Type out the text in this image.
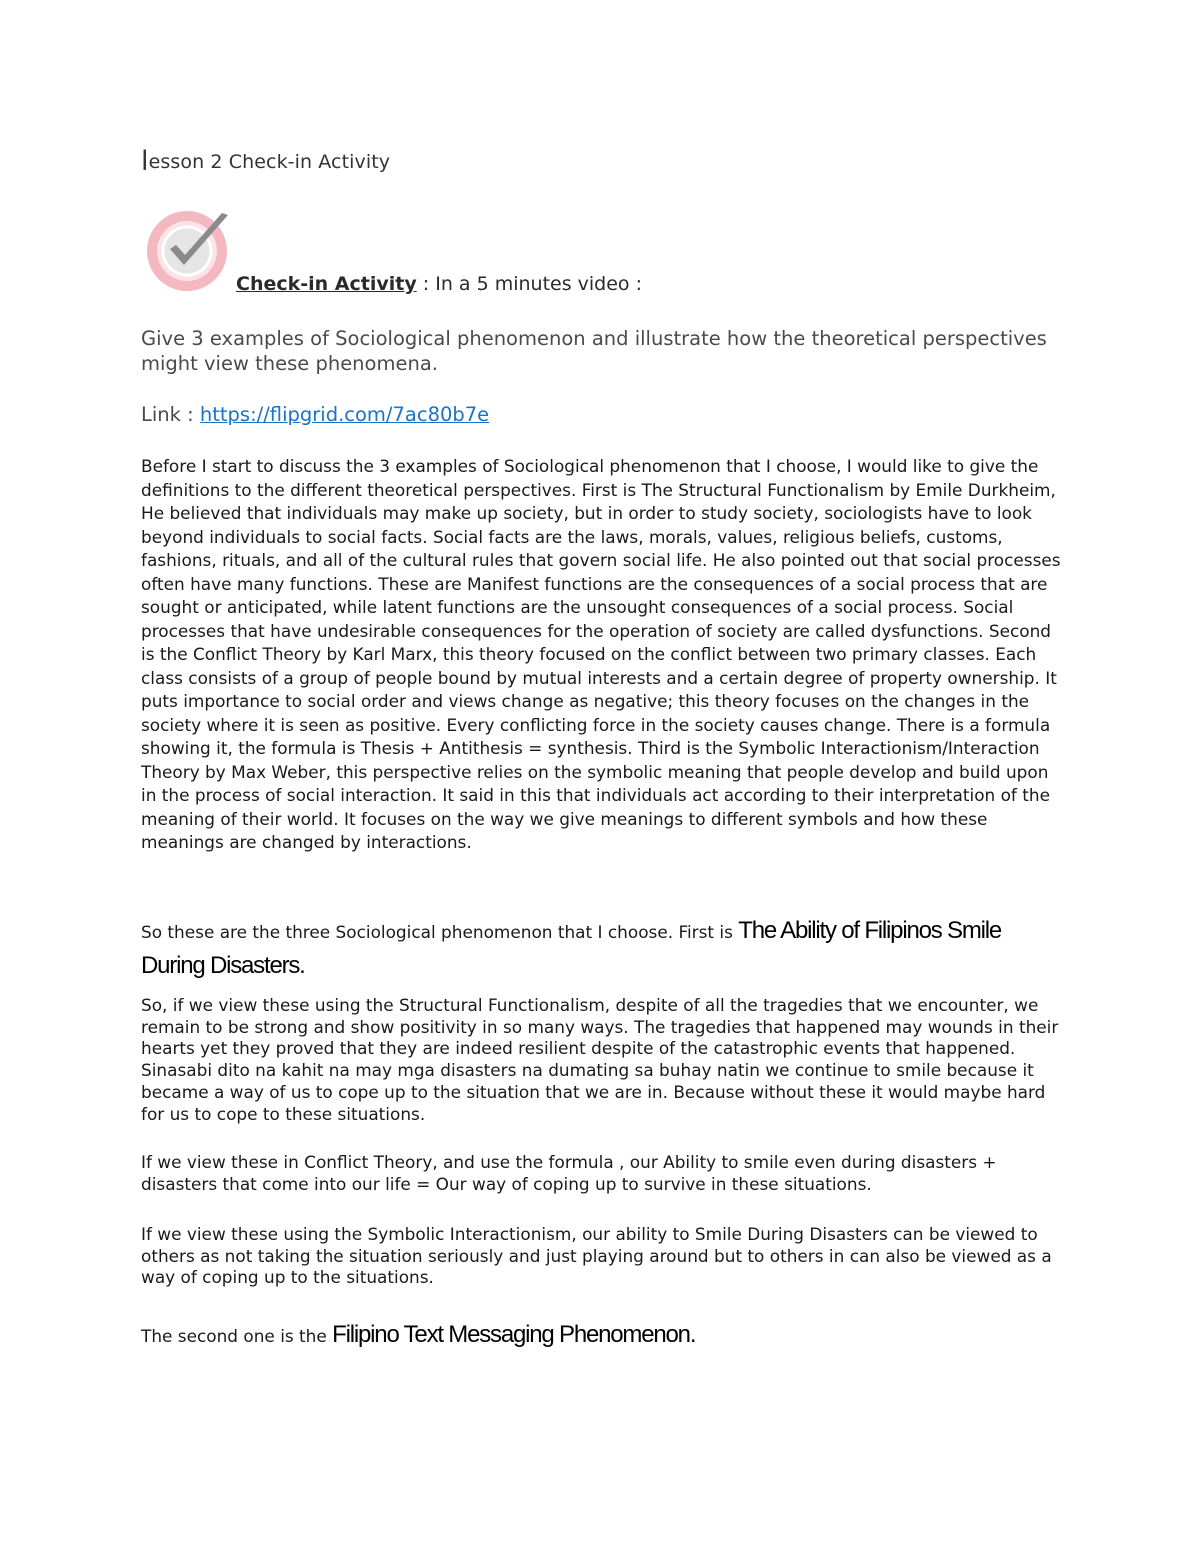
lesson 2 Check-in Activity
Check-in Activity : In a 5 minutes video :
Give 3 examples of Sociological phenomenon and illustrate how the theoretical perspectives might view these phenomena.
Link : https://flipgrid.com/7ac80b7e
Before I start to discuss the 3 examples of Sociological phenomenon that I choose, I would like to give the definitions to the different theoretical perspectives. First is The Structural Functionalism by Emile Durkheim, He believed that individuals may make up society, but in order to study society, sociologists have to look beyond individuals to social facts. Social facts are the laws, morals, values, religious beliefs, customs, fashions, rituals, and all of the cultural rules that govern social life. He also pointed out that social processes often have many functions. These are Manifest functions are the consequences of a social process that are sought or anticipated, while latent functions are the unsought consequences of a social process. Social processes that have undesirable consequences for the operation of society are called dysfunctions. Second is the Conflict Theory by Karl Marx, this theory focused on the conflict between two primary classes. Each class consists of a group of people bound by mutual interests and a certain degree of property ownership. It puts importance to social order and views change as negative; this theory focuses on the changes in the society where it is seen as positive. Every conflicting force in the society causes change. There is a formula showing it, the formula is Thesis + Antithesis = synthesis. Third is the Symbolic Interactionism/Interaction Theory by Max Weber, this perspective relies on the symbolic meaning that people develop and build upon in the process of social interaction. It said in this that individuals act according to their interpretation of the meaning of their world. It focuses on the way we give meanings to different symbols and how these meanings are changed by interactions.
So these are the three Sociological phenomenon that I choose. First is The Ability of Filipinos Smile During Disasters.
So, if we view these using the Structural Functionalism, despite of all the tragedies that we encounter, we remain to be strong and show positivity in so many ways. The tragedies that happened may wounds in their hearts yet they proved that they are indeed resilient despite of the catastrophic events that happened. Sinasabi dito na kahit na may mga disasters na dumating sa buhay natin we continue to smile because it became a way of us to cope up to the situation that we are in. Because without these it would maybe hard for us to cope to these situations.
If we view these in Conflict Theory, and use the formula , our Ability to smile even during disasters + disasters that come into our life = Our way of coping up to survive in these situations.
If we view these using the Symbolic Interactionism, our ability to Smile During Disasters can be viewed to others as not taking the situation seriously and just playing around but to others in can also be viewed as a way of coping up to the situations.
The second one is the Filipino Text Messaging Phenomenon.
